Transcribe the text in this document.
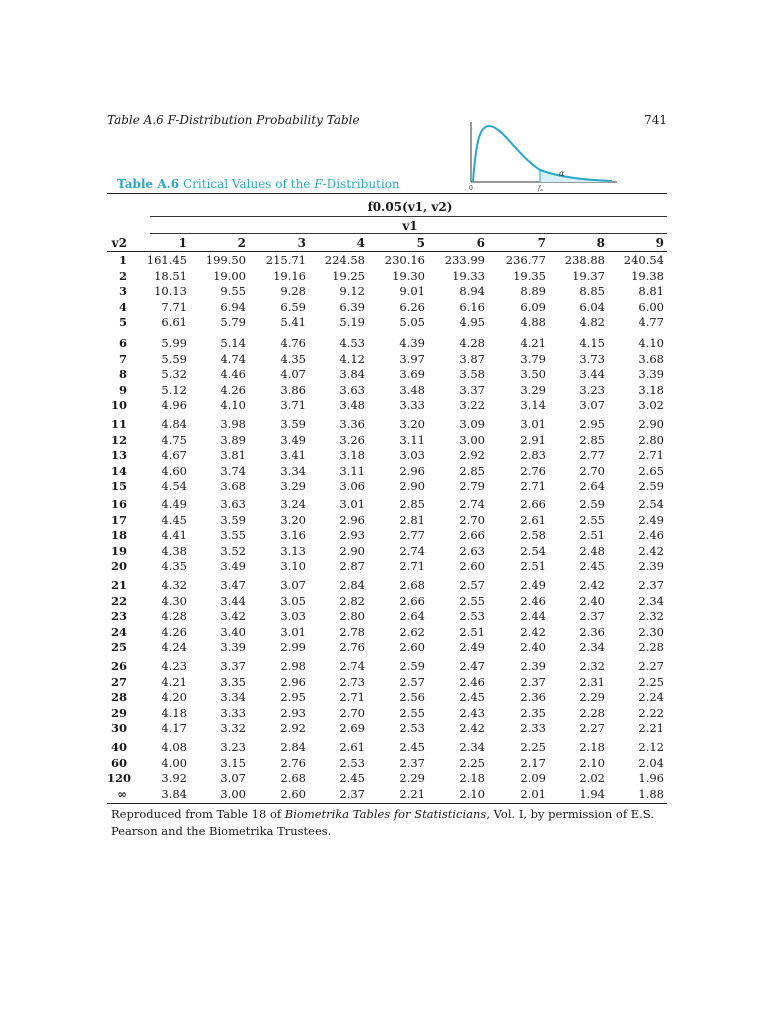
Table A.6 F-Distribution Probability Table	741
Table A.6 Critical Values of the F-Distribution
α
0	fα
f0.05(v1, v2)
v1
v2	1	2	3	4	5	6	7	8	9
1	161.45	199.50	215.71	224.58	230.16	233.99	236.77	238.88	240.54
2	18.51	19.00	19.16	19.25	19.30	19.33	19.35	19.37	19.38
3	10.13	9.55	9.28	9.12	9.01	8.94	8.89	8.85	8.81
4	7.71	6.94	6.59	6.39	6.26	6.16	6.09	6.04	6.00
5	6.61	5.79	5.41	5.19	5.05	4.95	4.88	4.82	4.77
6	5.99	5.14	4.76	4.53	4.39	4.28	4.21	4.15	4.10
7	5.59	4.74	4.35	4.12	3.97	3.87	3.79	3.73	3.68
8	5.32	4.46	4.07	3.84	3.69	3.58	3.50	3.44	3.39
9	5.12	4.26	3.86	3.63	3.48	3.37	3.29	3.23	3.18
10	4.96	4.10	3.71	3.48	3.33	3.22	3.14	3.07	3.02
11	4.84	3.98	3.59	3.36	3.20	3.09	3.01	2.95	2.90
12	4.75	3.89	3.49	3.26	3.11	3.00	2.91	2.85	2.80
13	4.67	3.81	3.41	3.18	3.03	2.92	2.83	2.77	2.71
14	4.60	3.74	3.34	3.11	2.96	2.85	2.76	2.70	2.65
15	4.54	3.68	3.29	3.06	2.90	2.79	2.71	2.64	2.59
16	4.49	3.63	3.24	3.01	2.85	2.74	2.66	2.59	2.54
17	4.45	3.59	3.20	2.96	2.81	2.70	2.61	2.55	2.49
18	4.41	3.55	3.16	2.93	2.77	2.66	2.58	2.51	2.46
19	4.38	3.52	3.13	2.90	2.74	2.63	2.54	2.48	2.42
20	4.35	3.49	3.10	2.87	2.71	2.60	2.51	2.45	2.39
21	4.32	3.47	3.07	2.84	2.68	2.57	2.49	2.42	2.37
22	4.30	3.44	3.05	2.82	2.66	2.55	2.46	2.40	2.34
23	4.28	3.42	3.03	2.80	2.64	2.53	2.44	2.37	2.32
24	4.26	3.40	3.01	2.78	2.62	2.51	2.42	2.36	2.30
25	4.24	3.39	2.99	2.76	2.60	2.49	2.40	2.34	2.28
26	4.23	3.37	2.98	2.74	2.59	2.47	2.39	2.32	2.27
27	4.21	3.35	2.96	2.73	2.57	2.46	2.37	2.31	2.25
28	4.20	3.34	2.95	2.71	2.56	2.45	2.36	2.29	2.24
29	4.18	3.33	2.93	2.70	2.55	2.43	2.35	2.28	2.22
30	4.17	3.32	2.92	2.69	2.53	2.42	2.33	2.27	2.21
40	4.08	3.23	2.84	2.61	2.45	2.34	2.25	2.18	2.12
60	4.00	3.15	2.76	2.53	2.37	2.25	2.17	2.10	2.04
120	3.92	3.07	2.68	2.45	2.29	2.18	2.09	2.02	1.96
∞	3.84	3.00	2.60	2.37	2.21	2.10	2.01	1.94	1.88
Reproduced from Table 18 of Biometrika Tables for Statisticians, Vol. I, by permission of E.S. Pearson and the Biometrika Trustees.
